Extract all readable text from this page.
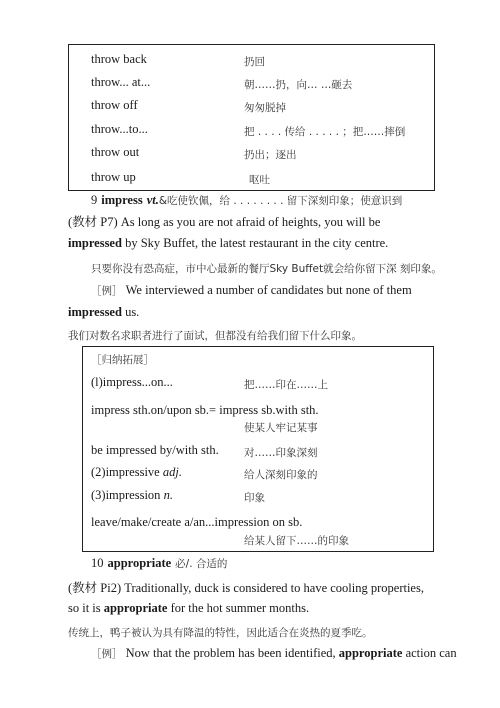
throw back	扔回
throw... at...	朝……扔，向… …砸去
throw off	匆匆脱掉
throw...to...	把 . . . . 传给 . . . . . ；把……摔倒
throw out	扔出；逐出
throw up	呕吐
9 impress vt.&吃使钦佩，给 . . . . . . . . 留下深刻印象；使意识到
(教材 P7) As long as you are not afraid of heights, you will be
impressed by Sky Buffet, the latest restaurant in the city centre.
只要你没有恐高症，市中心最新的餐厅Sky Buffet就会给你留下深 刻印象。
［例］ We interviewed a number of candidates but none of them
impressed us.
我们对数名求职者进行了面试，但都没有给我们留下什么印象。
［归纳拓展］
(l)impress...on...	把……印在……上
impress sth.on/upon sb.= impress sb.with sth.
使某人牢记某事
be impressed by/with sth. 对……印象深刻
(2)impressive adj.	给人深刻印象的
(3)impression n.	印象
leave/make/create a/an...impression on sb.
给某人留下……的印象
10 appropriate 必/. 合适的
(教材 Pi2) Traditionally, duck is considered to have cooling properties,
so it is appropriate for the hot summer months.
传统上，鸭子被认为具有降温的特性，因此适合在炎热的夏季吃。
［例］ Now that the problem has been identified, appropriate action can
